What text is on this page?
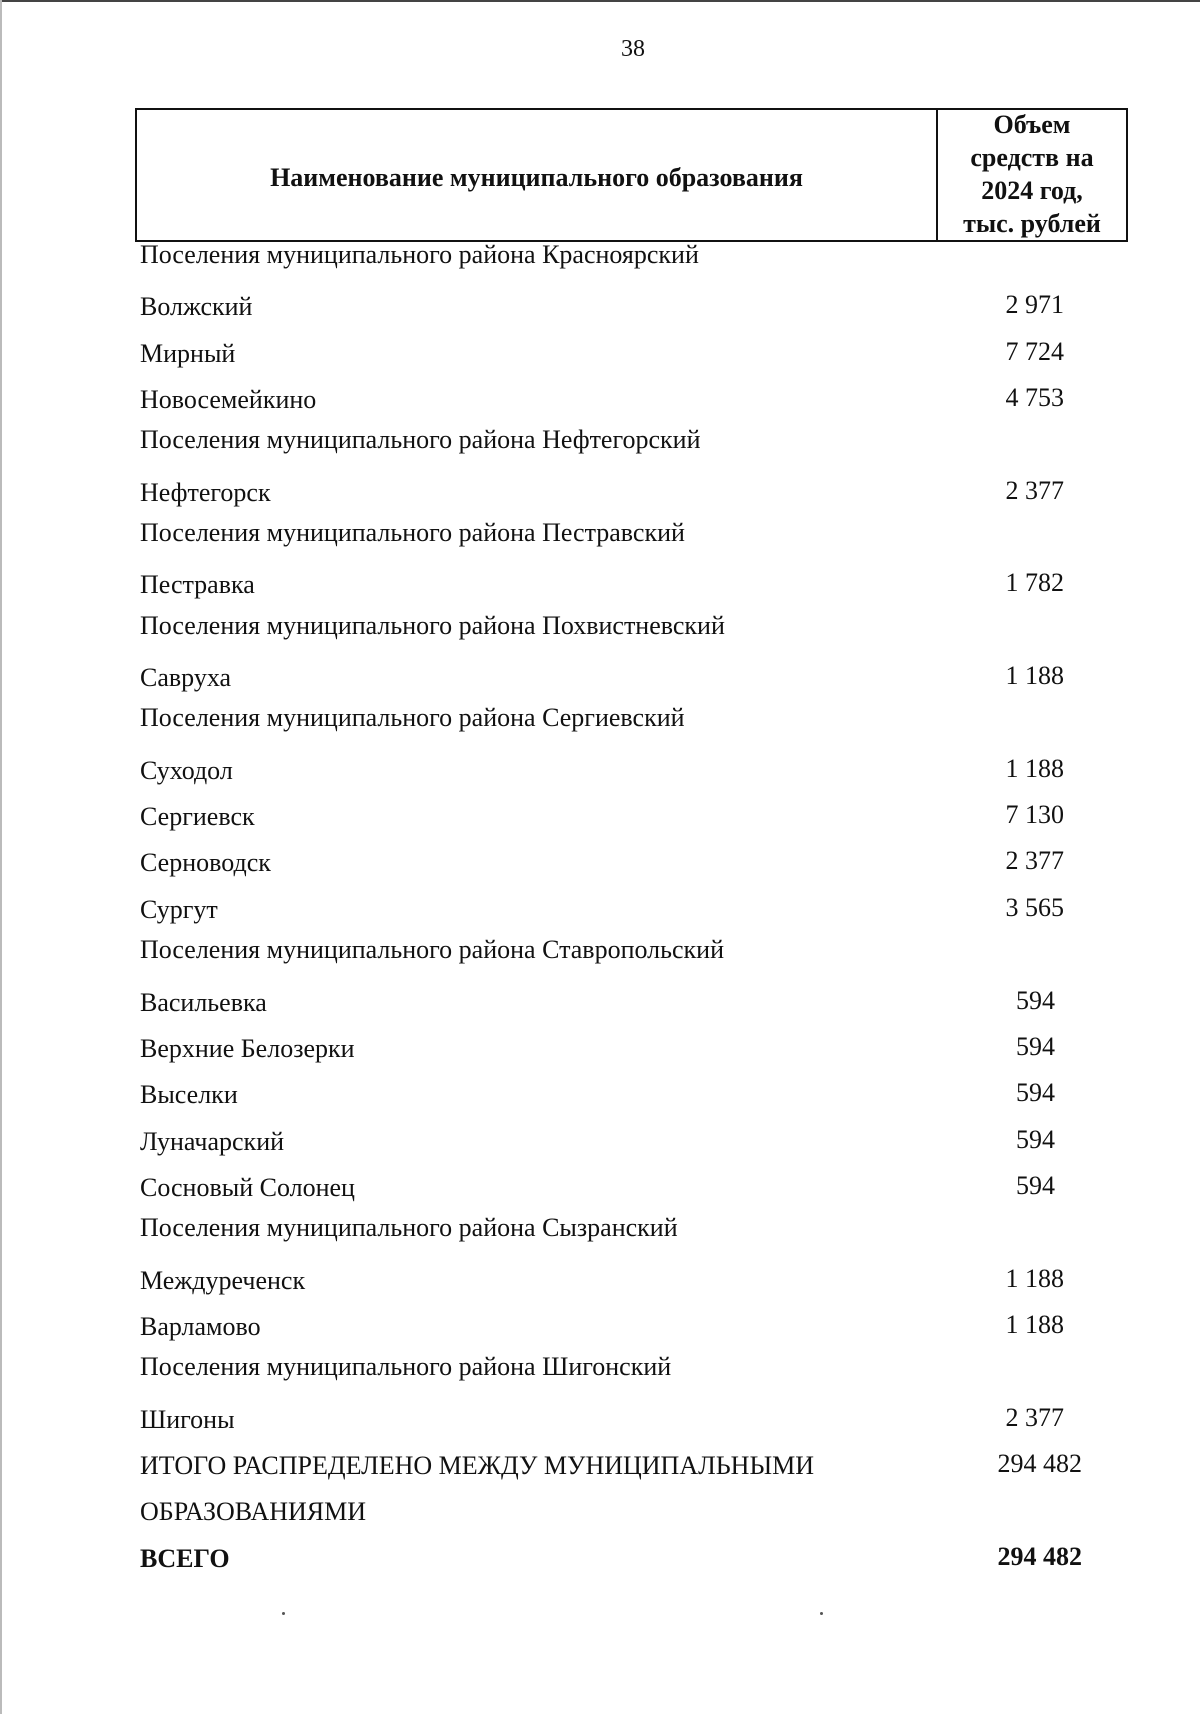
38
Наименование муниципального образования
Объем
средств на
2024 год,
тыс. рублей
Поселения муниципального района Красноярский
Волжский	2 971
Мирный	7 724
Новосемейкино	4 753
Поселения муниципального района Нефтегорский
Нефтегорск	2 377
Поселения муниципального района Пестравский
Пестравка	1 782
Поселения муниципального района Похвистневский
Савруха	1 188
Поселения муниципального района Сергиевский
Суходол	1 188
Сергиевск	7 130
Серноводск	2 377
Сургут	3 565
Поселения муниципального района Ставропольский
Васильевка	594
Верхние Белозерки	594
Выселки	594
Луначарский	594
Сосновый Солонец	594
Поселения муниципального района Сызранский
Междуреченск	1 188
Варламово	1 188
Поселения муниципального района Шигонский
Шигоны	2 377
ИТОГО РАСПРЕДЕЛЕНО МЕЖДУ МУНИЦИПАЛЬНЫМИ	294 482
ОБРАЗОВАНИЯМИ
ВСЕГО	294 482
